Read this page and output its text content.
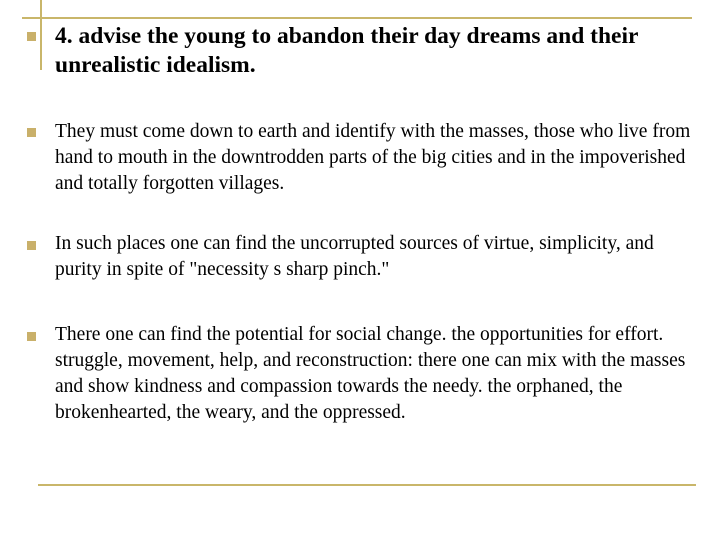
4. advise the young to abandon their day dreams and their unrealistic idealism.

They must come down to earth and identify with the masses, those who live from hand to mouth in the downtrodden parts of the big cities and in the impoverished and totally forgotten villages.

In such places one can find the uncorrupted sources of virtue, simplicity, and purity in spite of "necessity s sharp pinch."

There one can find the potential for social change. the opportunities for effort. struggle, movement, help, and reconstruction: there one can mix with the masses and show kindness and compassion towards the needy. the orphaned, the brokenhearted, the weary, and the oppressed.
